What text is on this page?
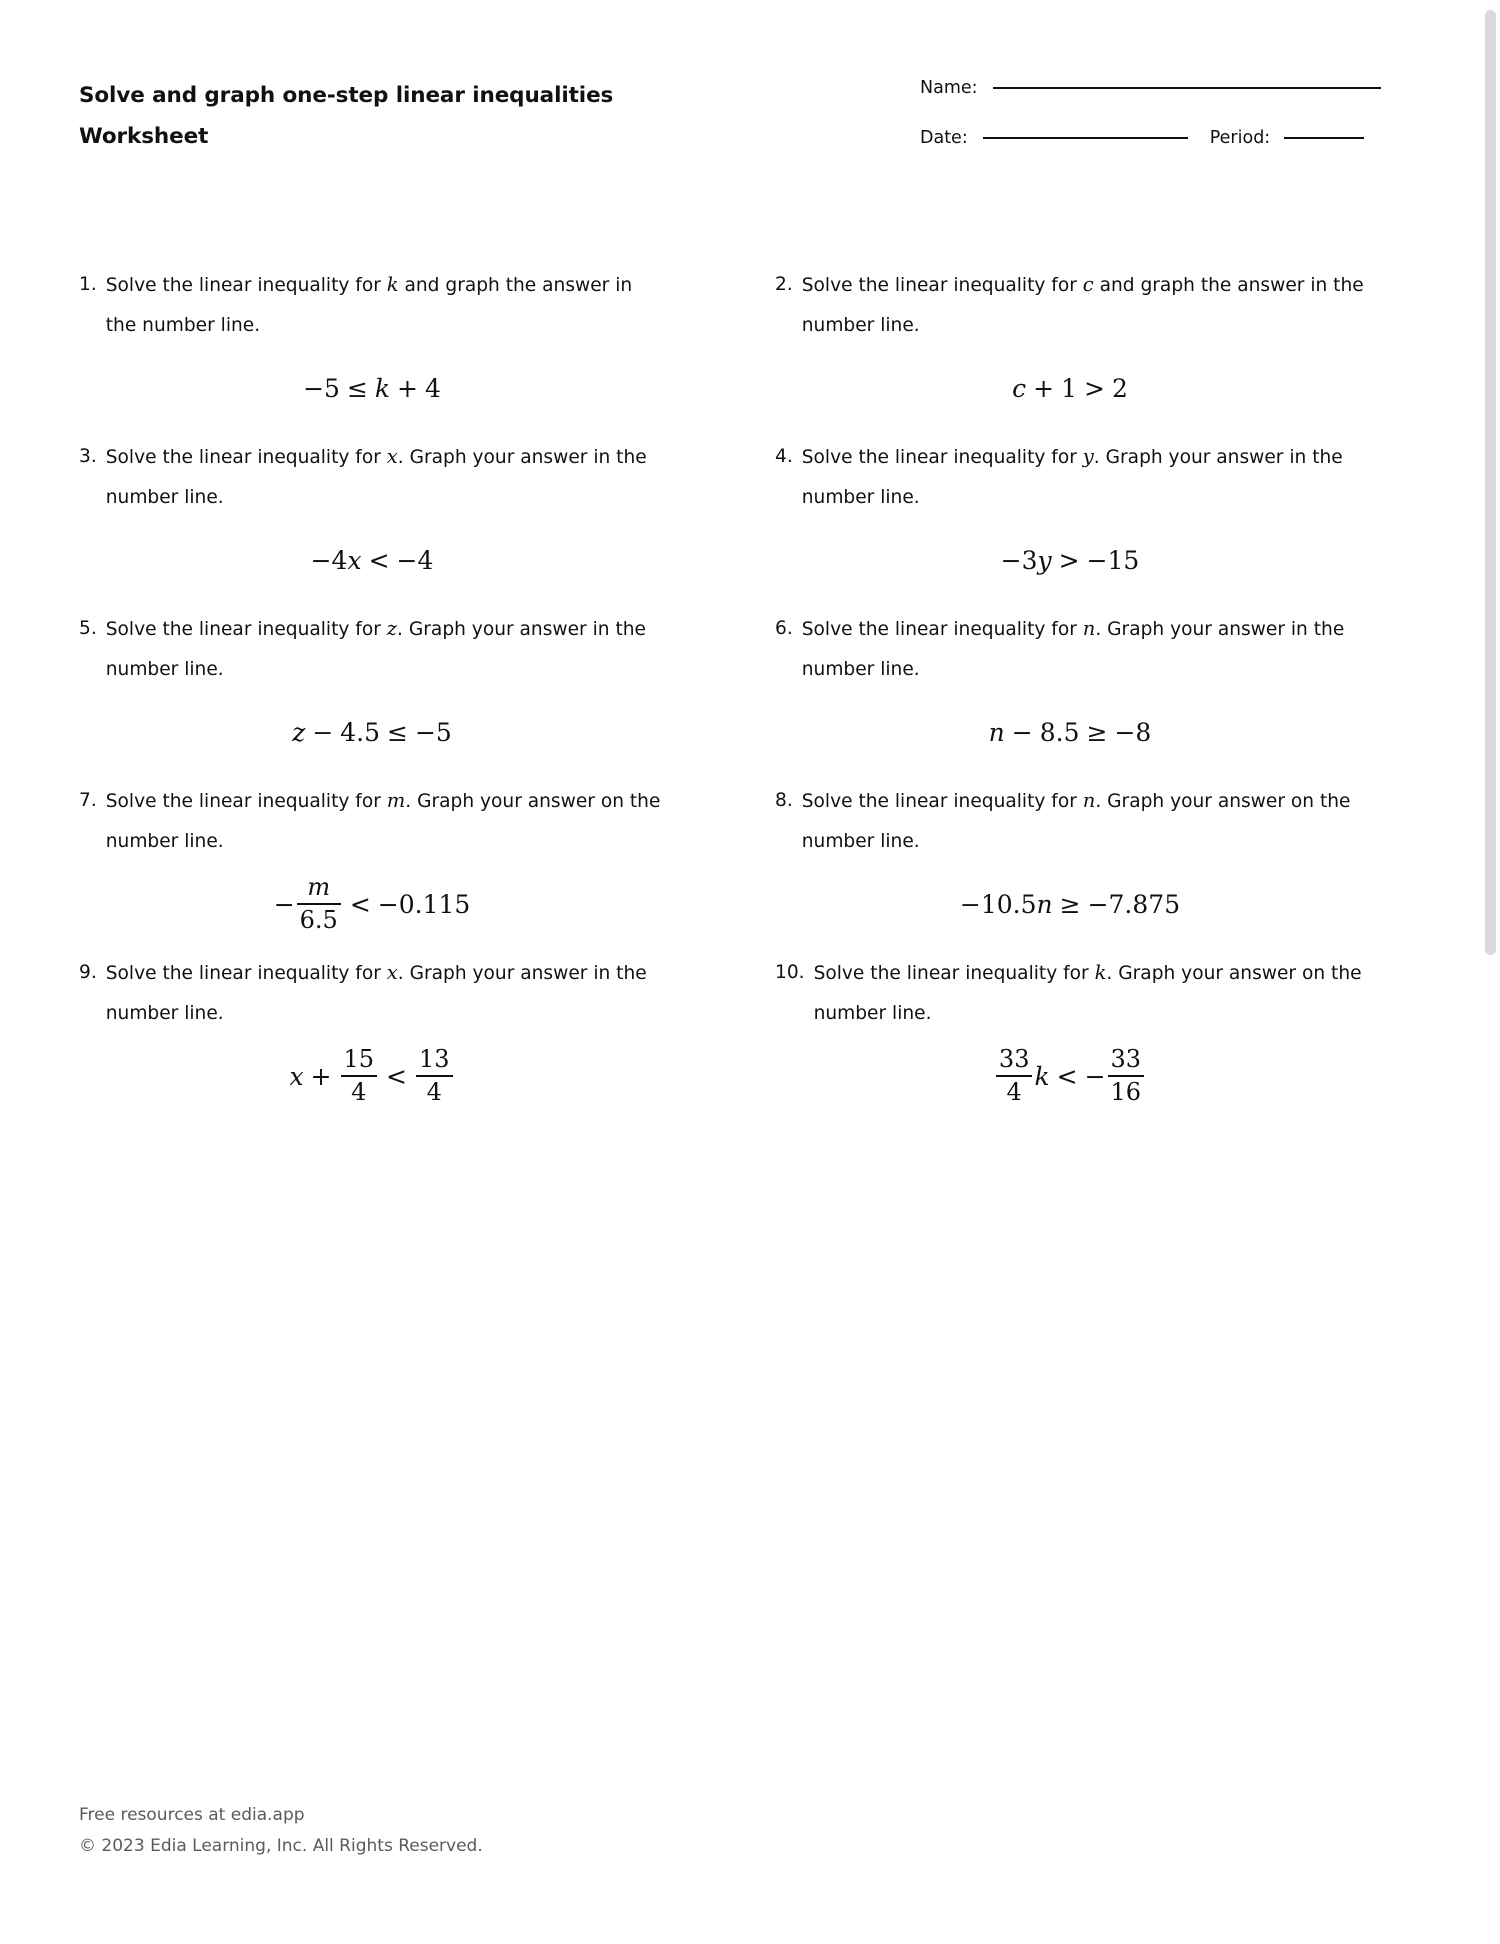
Solve and graph one-step linear inequalities
Worksheet
Name:
Date:	Period:
1. Solve the linear inequality for k and graph the answer in the number line.
−5 ≤ k + 4
2. Solve the linear inequality for c and graph the answer in the number line.
c + 1 > 2
3. Solve the linear inequality for x. Graph your answer in the number line.
−4 x < −4
4. Solve the linear inequality for y. Graph your answer in the number line.
−3 y > −15
5. Solve the linear inequality for z. Graph your answer in the number line.
z − 4.5 ≤ −5
6. Solve the linear inequality for n. Graph your answer in the number line.
n − 8.5 ≥ −8
7. Solve the linear inequality for m. Graph your answer on the number line.
− $\frac{m}{6.5} < -0.115$
8. Solve the linear inequality for n. Graph your answer on the number line.
−10.5 n ≥ −7.875
9. Solve the linear inequality for x. Graph your answer in the number line.
$x + \frac{15}{4} < \frac{13}{4}$
10. Solve the linear inequality for k. Graph your answer on the number line.
$\frac{33}{4}$ k < − $\frac{33}{16}$
Free resources at edia.app
© 2023 Edia Learning, Inc. All Rights Reserved.
